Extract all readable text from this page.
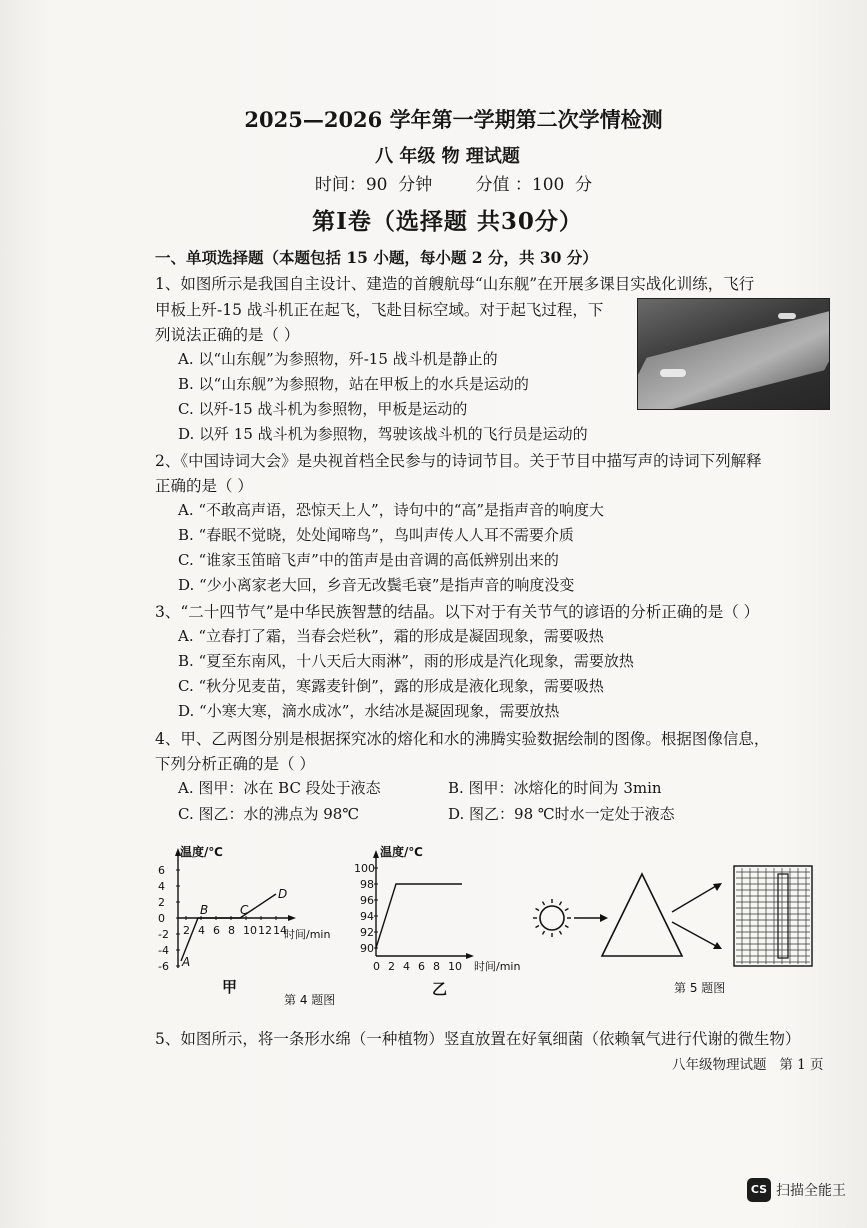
2025—2026 学年第一学期第二次学情检测
八 年级 物 理试题
时间：90  分钟        分值 ：100  分
第Ⅰ卷（选择题 共30分）
一、单项选择题（本题包括 15 小题，每小题 2 分，共 30 分）
1、如图所示是我国自主设计、建造的首艘航母“山东舰”在开展多课目实战化训练，飞行
甲板上歼-15 战斗机正在起飞，飞赴目标空域。对于起飞过程，下
列说法正确的是（ ）
A. 以“山东舰”为参照物，歼-15 战斗机是静止的
B. 以“山东舰”为参照物，站在甲板上的水兵是运动的
C. 以歼-15 战斗机为参照物，甲板是运动的
D. 以歼 15 战斗机为参照物，驾驶该战斗机的飞行员是运动的
2、《中国诗词大会》是央视首档全民参与的诗词节目。关于节目中描写声的诗词下列解释
正确的是（ ）
A. “不敢高声语，恐惊天上人”，诗句中的“高”是指声音的响度大
B. “春眠不觉晓，处处闻啼鸟”，鸟叫声传人人耳不需要介质
C. “谁家玉笛暗飞声”中的笛声是由音调的高低辨别出来的
D. “少小离家老大回，乡音无改鬓毛衰”是指声音的响度没变
3、“二十四节气”是中华民族智慧的结晶。以下对于有关节气的谚语的分析正确的是（ ）
A. “立春打了霜，当春会烂秋”，霜的形成是凝固现象，需要吸热
B. “夏至东南风，十八天后大雨淋”，雨的形成是汽化现象，需要放热
C. “秋分见麦苗，寒露麦针倒”，露的形成是液化现象，需要吸热
D. “小寒大寒，滴水成冰”，水结冰是凝固现象，需要放热
4、甲、乙两图分别是根据探究冰的熔化和水的沸腾实验数据绘制的图像。根据图像信息，
下列分析正确的是（ ）
A. 图甲：冰在 BC 段处于液态	B. 图甲：冰熔化的时间为 3min
C. 图乙：水的沸点为 98℃	D. 图乙：98 ℃时水一定处于液态
温度/℃
时间/min
6
4
2
0
-2
-4
-6
2 4 6 8 10 12 14
A
B	C
D
甲
温度/℃
时间/min
100
98
96
94
92
90
0 2 4 6 8 10
乙
第 4 题图
第 5 题图
5、如图所示，将一条形水绵（一种植物）竖直放置在好氧细菌（依赖氧气进行代谢的微生物）
八年级物理试题   第 1 页
CS 扫描全能王
